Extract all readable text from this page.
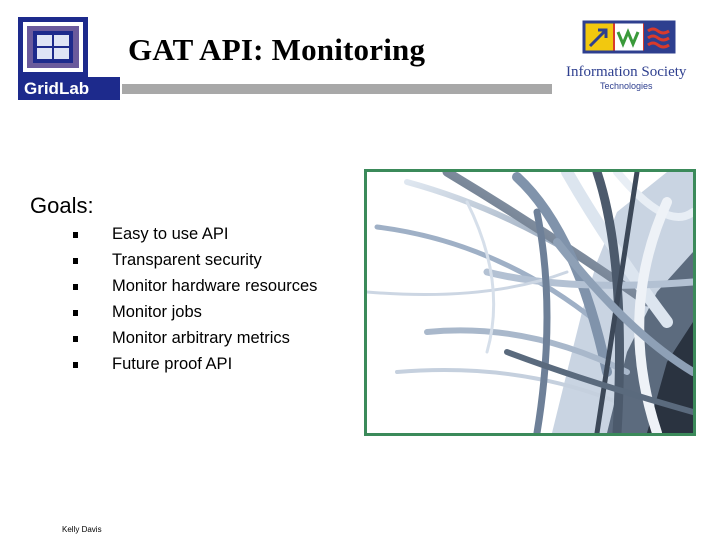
GridLab
GAT API: Monitoring
Information Society
Technologies
Goals:
Easy to use API
Transparent security
Monitor hardware resources
Monitor jobs
Monitor arbitrary metrics
Future proof API
Kelly Davis
